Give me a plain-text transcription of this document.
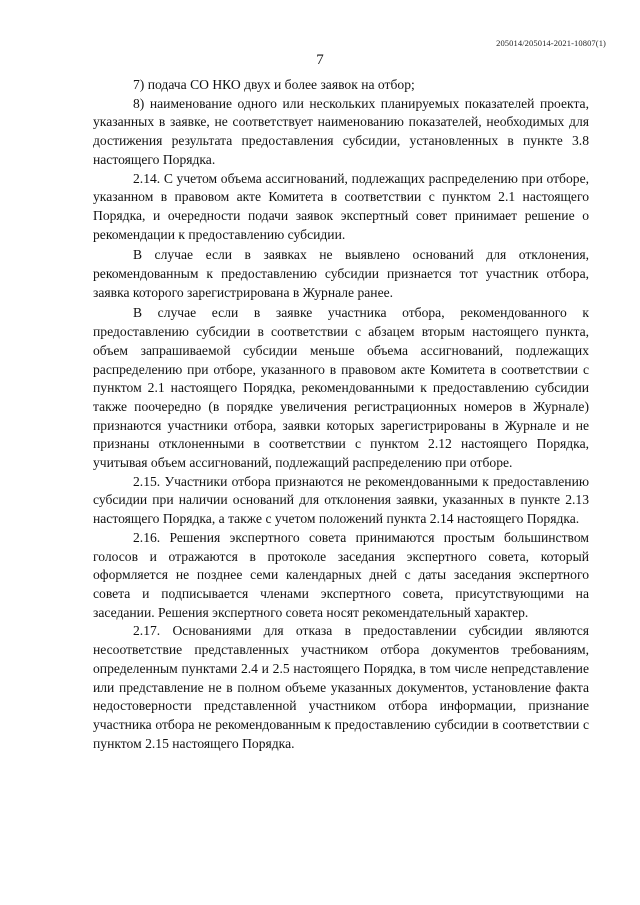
205014/205014-2021-10807(1)
7

7) подача СО НКО двух и более заявок на отбор;

8) наименование одного или нескольких планируемых показателей проекта, указанных в заявке, не соответствует наименованию показателей, необходимых для достижения результата предоставления субсидии, установленных в пункте 3.8 настоящего Порядка.

2.14. С учетом объема ассигнований, подлежащих распределению при отборе, указанном в правовом акте Комитета в соответствии с пунктом 2.1 настоящего Порядка, и очередности подачи заявок экспертный совет принимает решение о рекомендации к предоставлению субсидии.

В случае если в заявках не выявлено оснований для отклонения, рекомендованным к предоставлению субсидии признается тот участник отбора, заявка которого зарегистрирована в Журнале ранее.

В случае если в заявке участника отбора, рекомендованного к предоставлению субсидии в соответствии с абзацем вторым настоящего пункта, объем запрашиваемой субсидии меньше объема ассигнований, подлежащих распределению при отборе, указанного в правовом акте Комитета в соответствии с пунктом 2.1 настоящего Порядка, рекомендованными к предоставлению субсидии также поочередно (в порядке увеличения регистрационных номеров в Журнале) признаются участники отбора, заявки которых зарегистрированы в Журнале и не признаны отклоненными в соответствии с пунктом 2.12 настоящего Порядка, учитывая объем ассигнований, подлежащий распределению при отборе.

2.15. Участники отбора признаются не рекомендованными к предоставлению субсидии при наличии оснований для отклонения заявки, указанных в пункте 2.13 настоящего Порядка, а также с учетом положений пункта 2.14 настоящего Порядка.

2.16. Решения экспертного совета принимаются простым большинством голосов и отражаются в протоколе заседания экспертного совета, который оформляется не позднее семи календарных дней с даты заседания экспертного совета и подписывается членами экспертного совета, присутствующими на заседании. Решения экспертного совета носят рекомендательный характер.

2.17. Основаниями для отказа в предоставлении субсидии являются несоответствие представленных участником отбора документов требованиям, определенным пунктами 2.4 и 2.5 настоящего Порядка, в том числе непредставление или представление не в полном объеме указанных документов, установление факта недостоверности представленной участником отбора информации, признание участника отбора не рекомендованным к предоставлению субсидии в соответствии с пунктом 2.15 настоящего Порядка.
